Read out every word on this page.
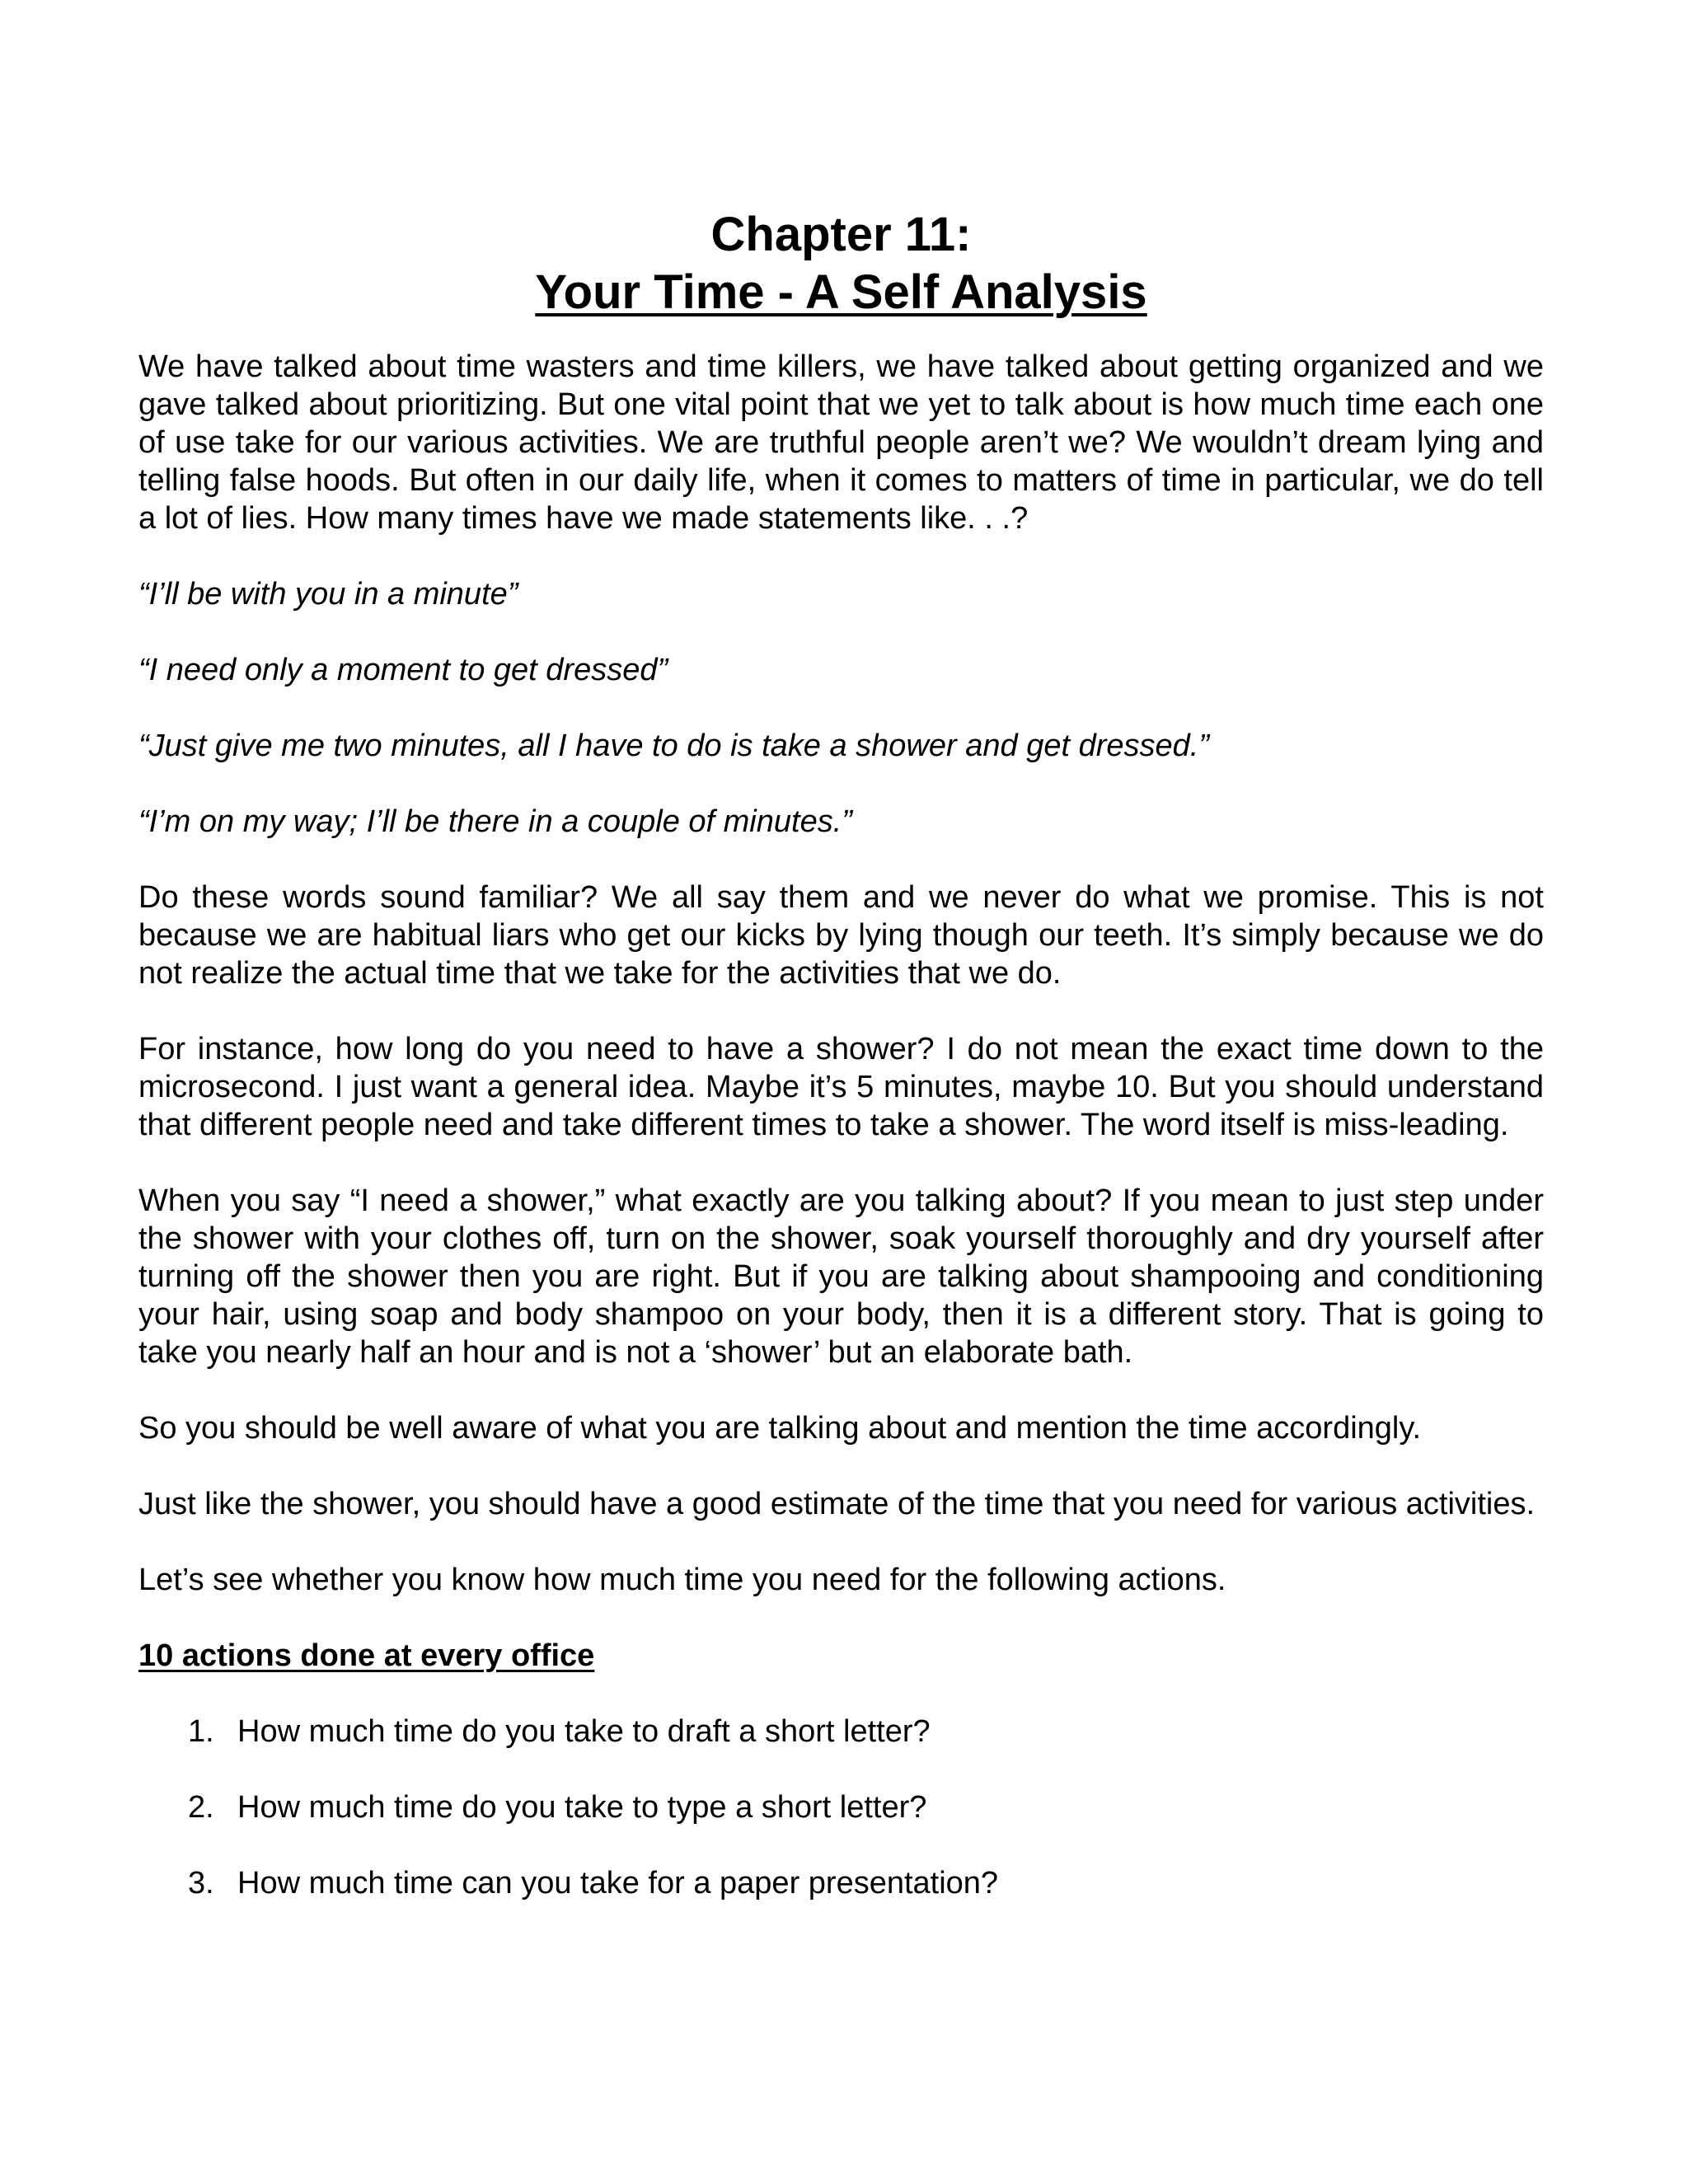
Chapter 11:
Your Time - A Self Analysis

We have talked about time wasters and time killers, we have talked about getting organized and we gave talked about prioritizing. But one vital point that we yet to talk about is how much time each one of use take for our various activities. We are truthful people aren’t we? We wouldn’t dream lying and telling false hoods. But often in our daily life, when it comes to matters of time in particular, we do tell a lot of lies. How many times have we made statements like. . .?

“I’ll be with you in a minute”

“I need only a moment to get dressed”

“Just give me two minutes, all I have to do is take a shower and get dressed.”

“I’m on my way; I’ll be there in a couple of minutes.”

Do these words sound familiar? We all say them and we never do what we promise. This is not because we are habitual liars who get our kicks by lying though our teeth. It’s simply because we do not realize the actual time that we take for the activities that we do.

For instance, how long do you need to have a shower? I do not mean the exact time down to the microsecond. I just want a general idea. Maybe it’s 5 minutes, maybe 10. But you should understand that different people need and take different times to take a shower. The word itself is miss-leading.

When you say “I need a shower,” what exactly are you talking about? If you mean to just step under the shower with your clothes off, turn on the shower, soak yourself thoroughly and dry yourself after turning off the shower then you are right. But if you are talking about shampooing and conditioning your hair, using soap and body shampoo on your body, then it is a different story. That is going to take you nearly half an hour and is not a ‘shower’ but an elaborate bath.

So you should be well aware of what you are talking about and mention the time accordingly.

Just like the shower, you should have a good estimate of the time that you need for various activities.

Let’s see whether you know how much time you need for the following actions.

10 actions done at every office
1. How much time do you take to draft a short letter?
2. How much time do you take to type a short letter?
3. How much time can you take for a paper presentation?
